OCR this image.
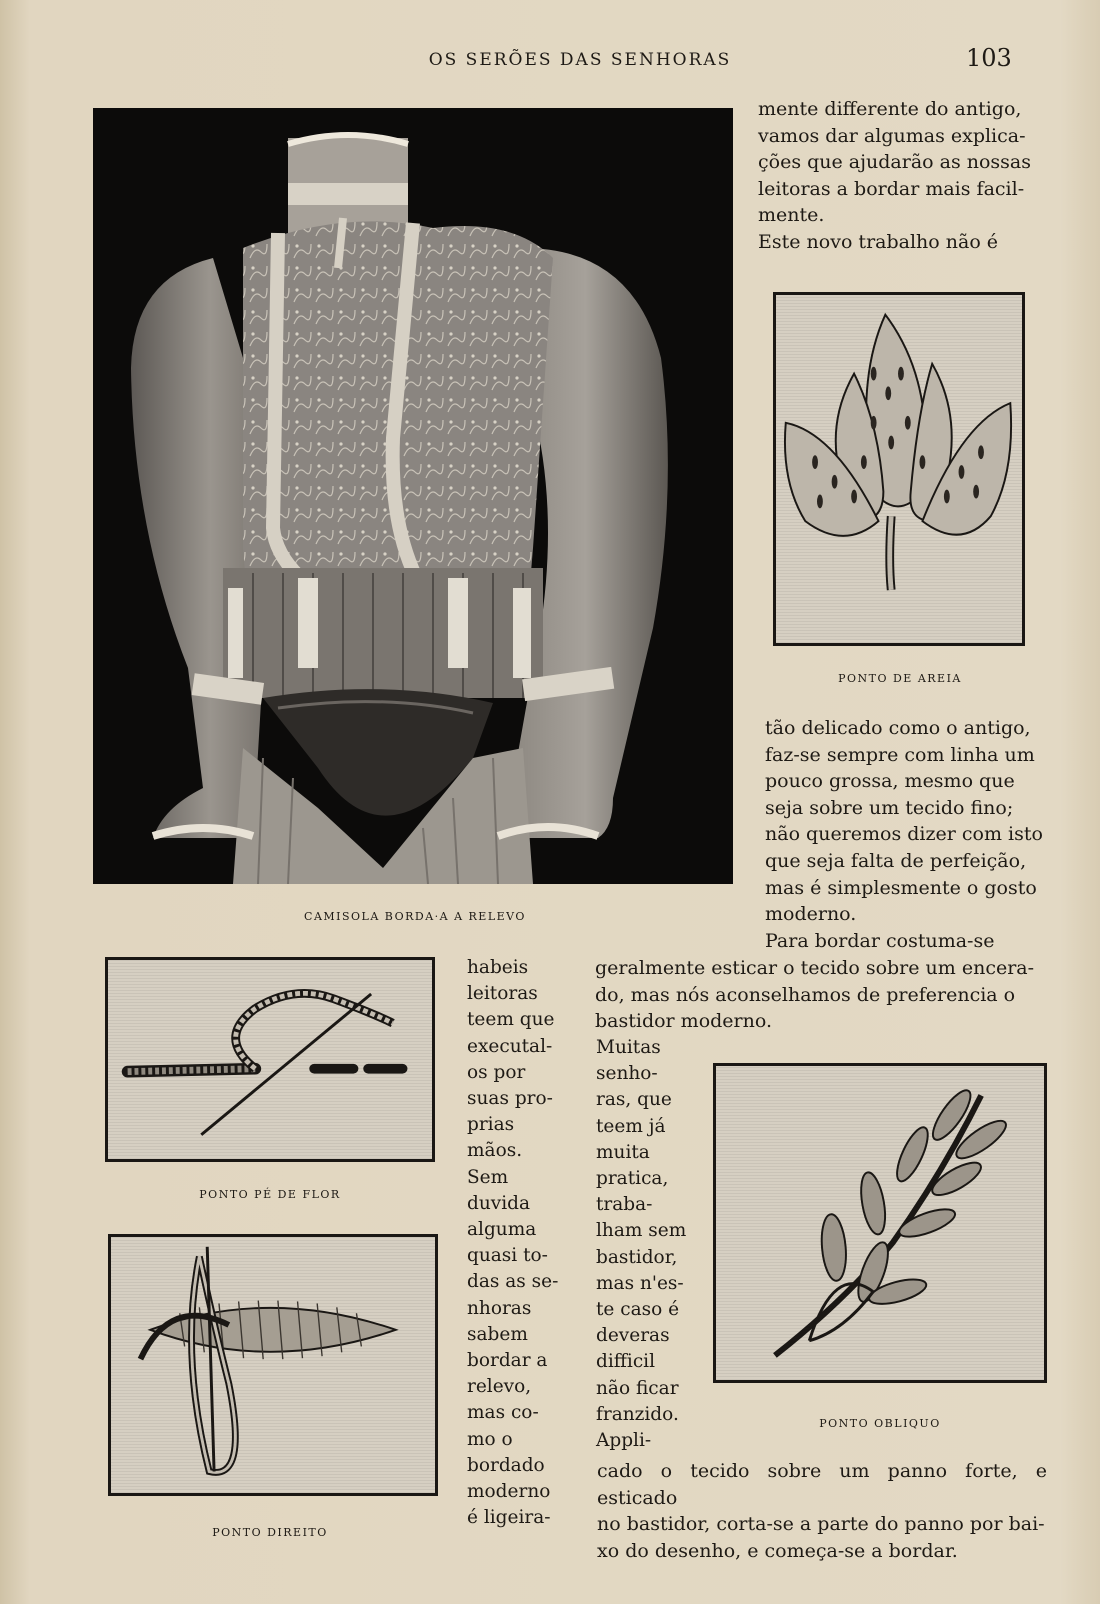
OS SERÕES DAS SENHORAS	103
CAMISOLA BORDA·A A RELEVO
mente differente do antigo,
vamos dar algumas explica-
ções que ajudarão as nossas
leitoras a bordar mais facil-
mente.
Este novo trabalho não é
PONTO DE AREIA
tão delicado como o antigo,
faz-se sempre com linha um
pouco grossa, mesmo que
seja sobre um tecido fino;
não queremos dizer com isto
que seja falta de perfeição,
mas é simplesmente o gosto
moderno.
Para bordar costuma-se
geralmente esticar o tecido sobre um encera-
do, mas nós aconselhamos de preferencia o
bastidor moderno.
PONTO PÉ DE FLOR
PONTO DIREITO
habeis
leitoras
teem que
executal-
os por
suas pro-
prias
mãos.
Sem
duvida
alguma
quasi to-
das as se-
nhoras
sabem
bordar a
relevo,
mas co-
mo o
bordado
moderno
é ligeira-
Muitas
senho-
ras, que
teem já
muita
pratica,
traba-
lham sem
bastidor,
mas n'es-
te caso é
deveras
difficil
não ficar
franzido.
Appli-
PONTO OBLIQUO
cado o tecido sobre um panno forte, e esticado
no bastidor, corta-se a parte do panno por bai-
xo do desenho, e começa-se a bordar.
